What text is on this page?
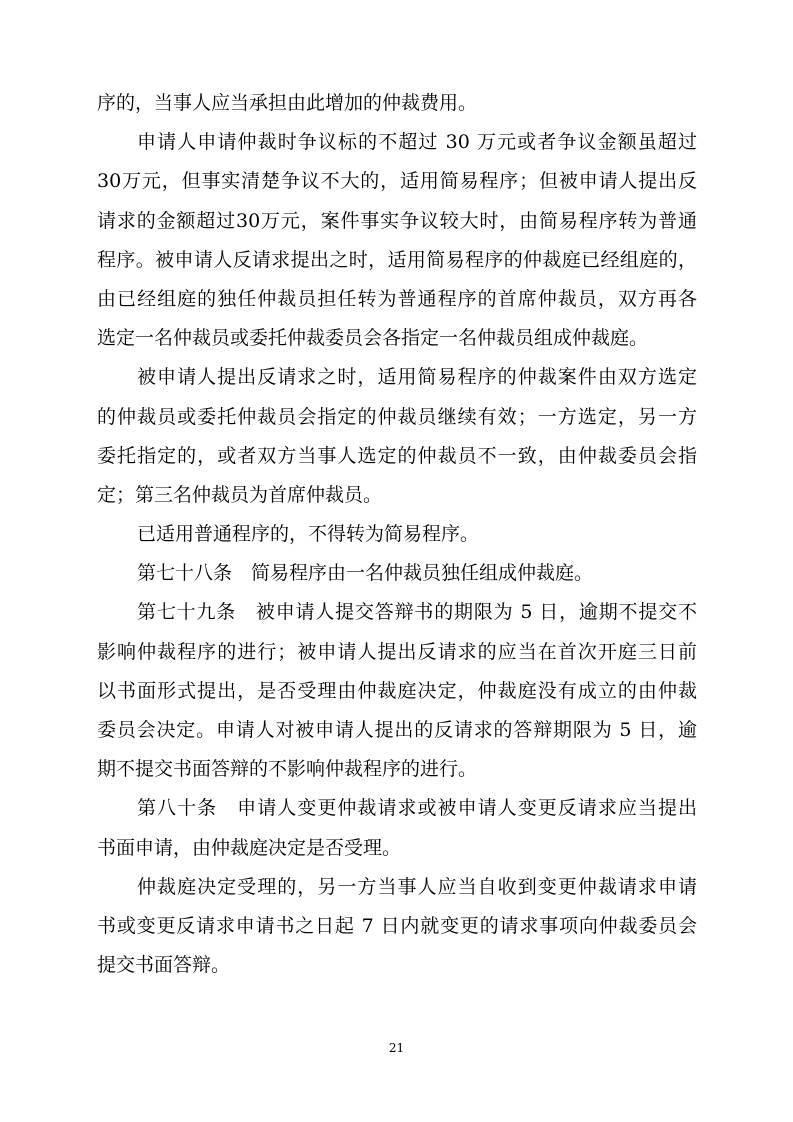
序的，当事人应当承担由此增加的仲裁费用。
申请人申请仲裁时争议标的不超过 30 万元或者争议金额虽超过
30万元，但事实清楚争议不大的，适用简易程序；但被申请人提出反
请求的金额超过30万元，案件事实争议较大时，由简易程序转为普通
程序。被申请人反请求提出之时，适用简易程序的仲裁庭已经组庭的，
由已经组庭的独任仲裁员担任转为普通程序的首席仲裁员，双方再各
选定一名仲裁员或委托仲裁委员会各指定一名仲裁员组成仲裁庭。
被申请人提出反请求之时，适用简易程序的仲裁案件由双方选定
的仲裁员或委托仲裁员会指定的仲裁员继续有效；一方选定，另一方
委托指定的，或者双方当事人选定的仲裁员不一致，由仲裁委员会指
定；第三名仲裁员为首席仲裁员。
已适用普通程序的，不得转为简易程序。
第七十八条　简易程序由一名仲裁员独任组成仲裁庭。
第七十九条　被申请人提交答辩书的期限为 5 日，逾期不提交不
影响仲裁程序的进行；被申请人提出反请求的应当在首次开庭三日前
以书面形式提出，是否受理由仲裁庭决定，仲裁庭没有成立的由仲裁
委员会决定。申请人对被申请人提出的反请求的答辩期限为 5 日，逾
期不提交书面答辩的不影响仲裁程序的进行。
第八十条　申请人变更仲裁请求或被申请人变更反请求应当提出
书面申请，由仲裁庭决定是否受理。
仲裁庭决定受理的，另一方当事人应当自收到变更仲裁请求申请
书或变更反请求申请书之日起 7 日内就变更的请求事项向仲裁委员会
提交书面答辩。
21
